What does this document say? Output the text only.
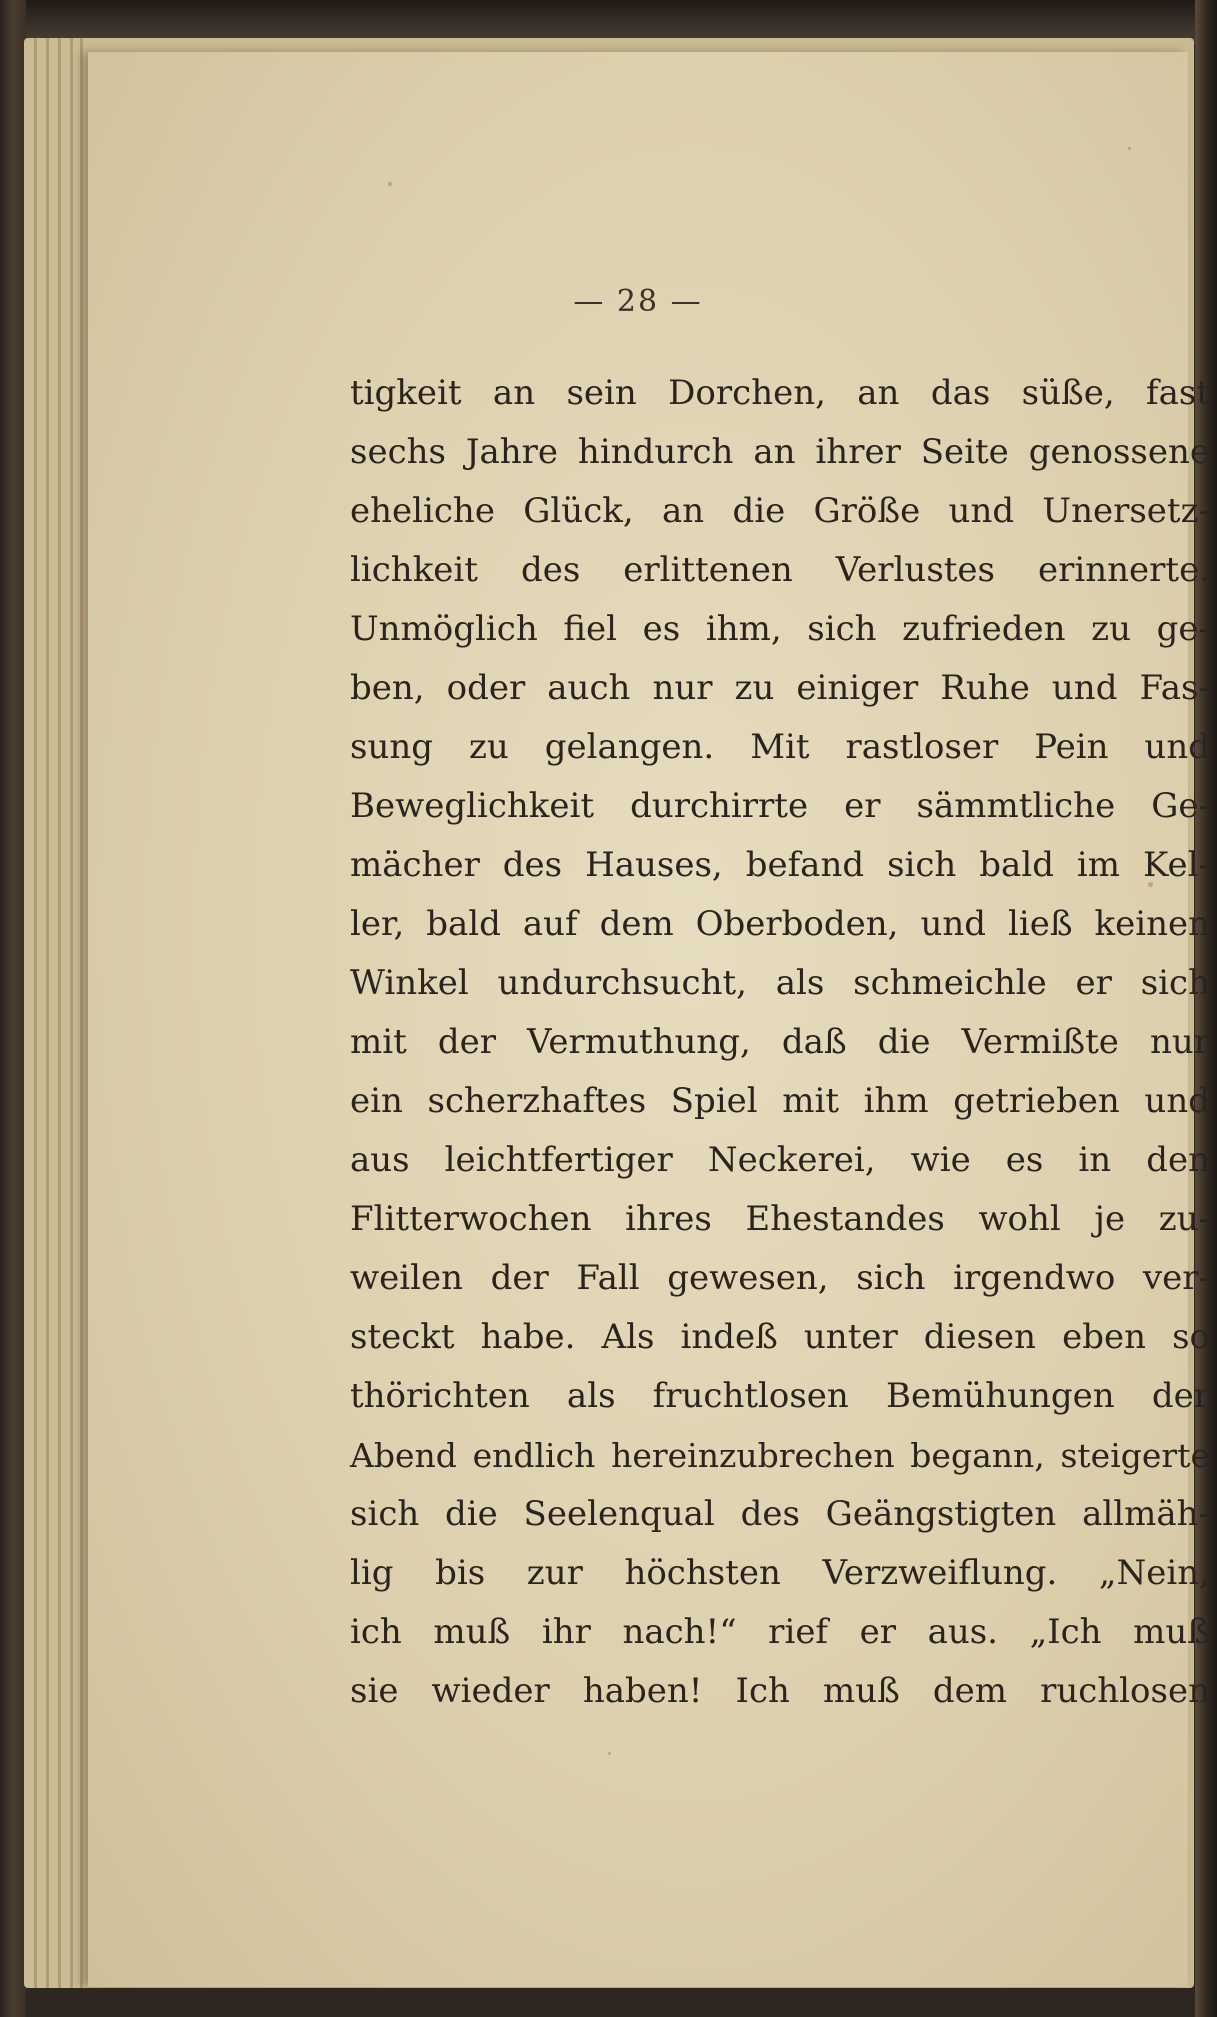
— 28 —
tigkeit an sein Dorchen, an das süße, fast
sechs Jahre hindurch an ihrer Seite genossene
eheliche Glück, an die Größe und Unersetz-
lichkeit des erlittenen Verlustes erinnerte.
Unmöglich fiel es ihm, sich zufrieden zu ge-
ben, oder auch nur zu einiger Ruhe und Fas-
sung zu gelangen. Mit rastloser Pein und
Beweglichkeit durchirrte er sämmtliche Ge-
mächer des Hauses, befand sich bald im Kel-
ler, bald auf dem Oberboden, und ließ keinen
Winkel undurchsucht, als schmeichle er sich
mit der Vermuthung, daß die Vermißte nur
ein scherzhaftes Spiel mit ihm getrieben und
aus leichtfertiger Neckerei, wie es in den
Flitterwochen ihres Ehestandes wohl je zu-
weilen der Fall gewesen, sich irgendwo ver-
steckt habe. Als indeß unter diesen eben so
thörichten als fruchtlosen Bemühungen der
Abend endlich hereinzubrechen begann, steigerte
sich die Seelenqual des Geängstigten allmäh-
lig bis zur höchsten Verzweiflung. „Nein,
ich muß ihr nach!“ rief er aus. „Ich muß
sie wieder haben! Ich muß dem ruchlosen
